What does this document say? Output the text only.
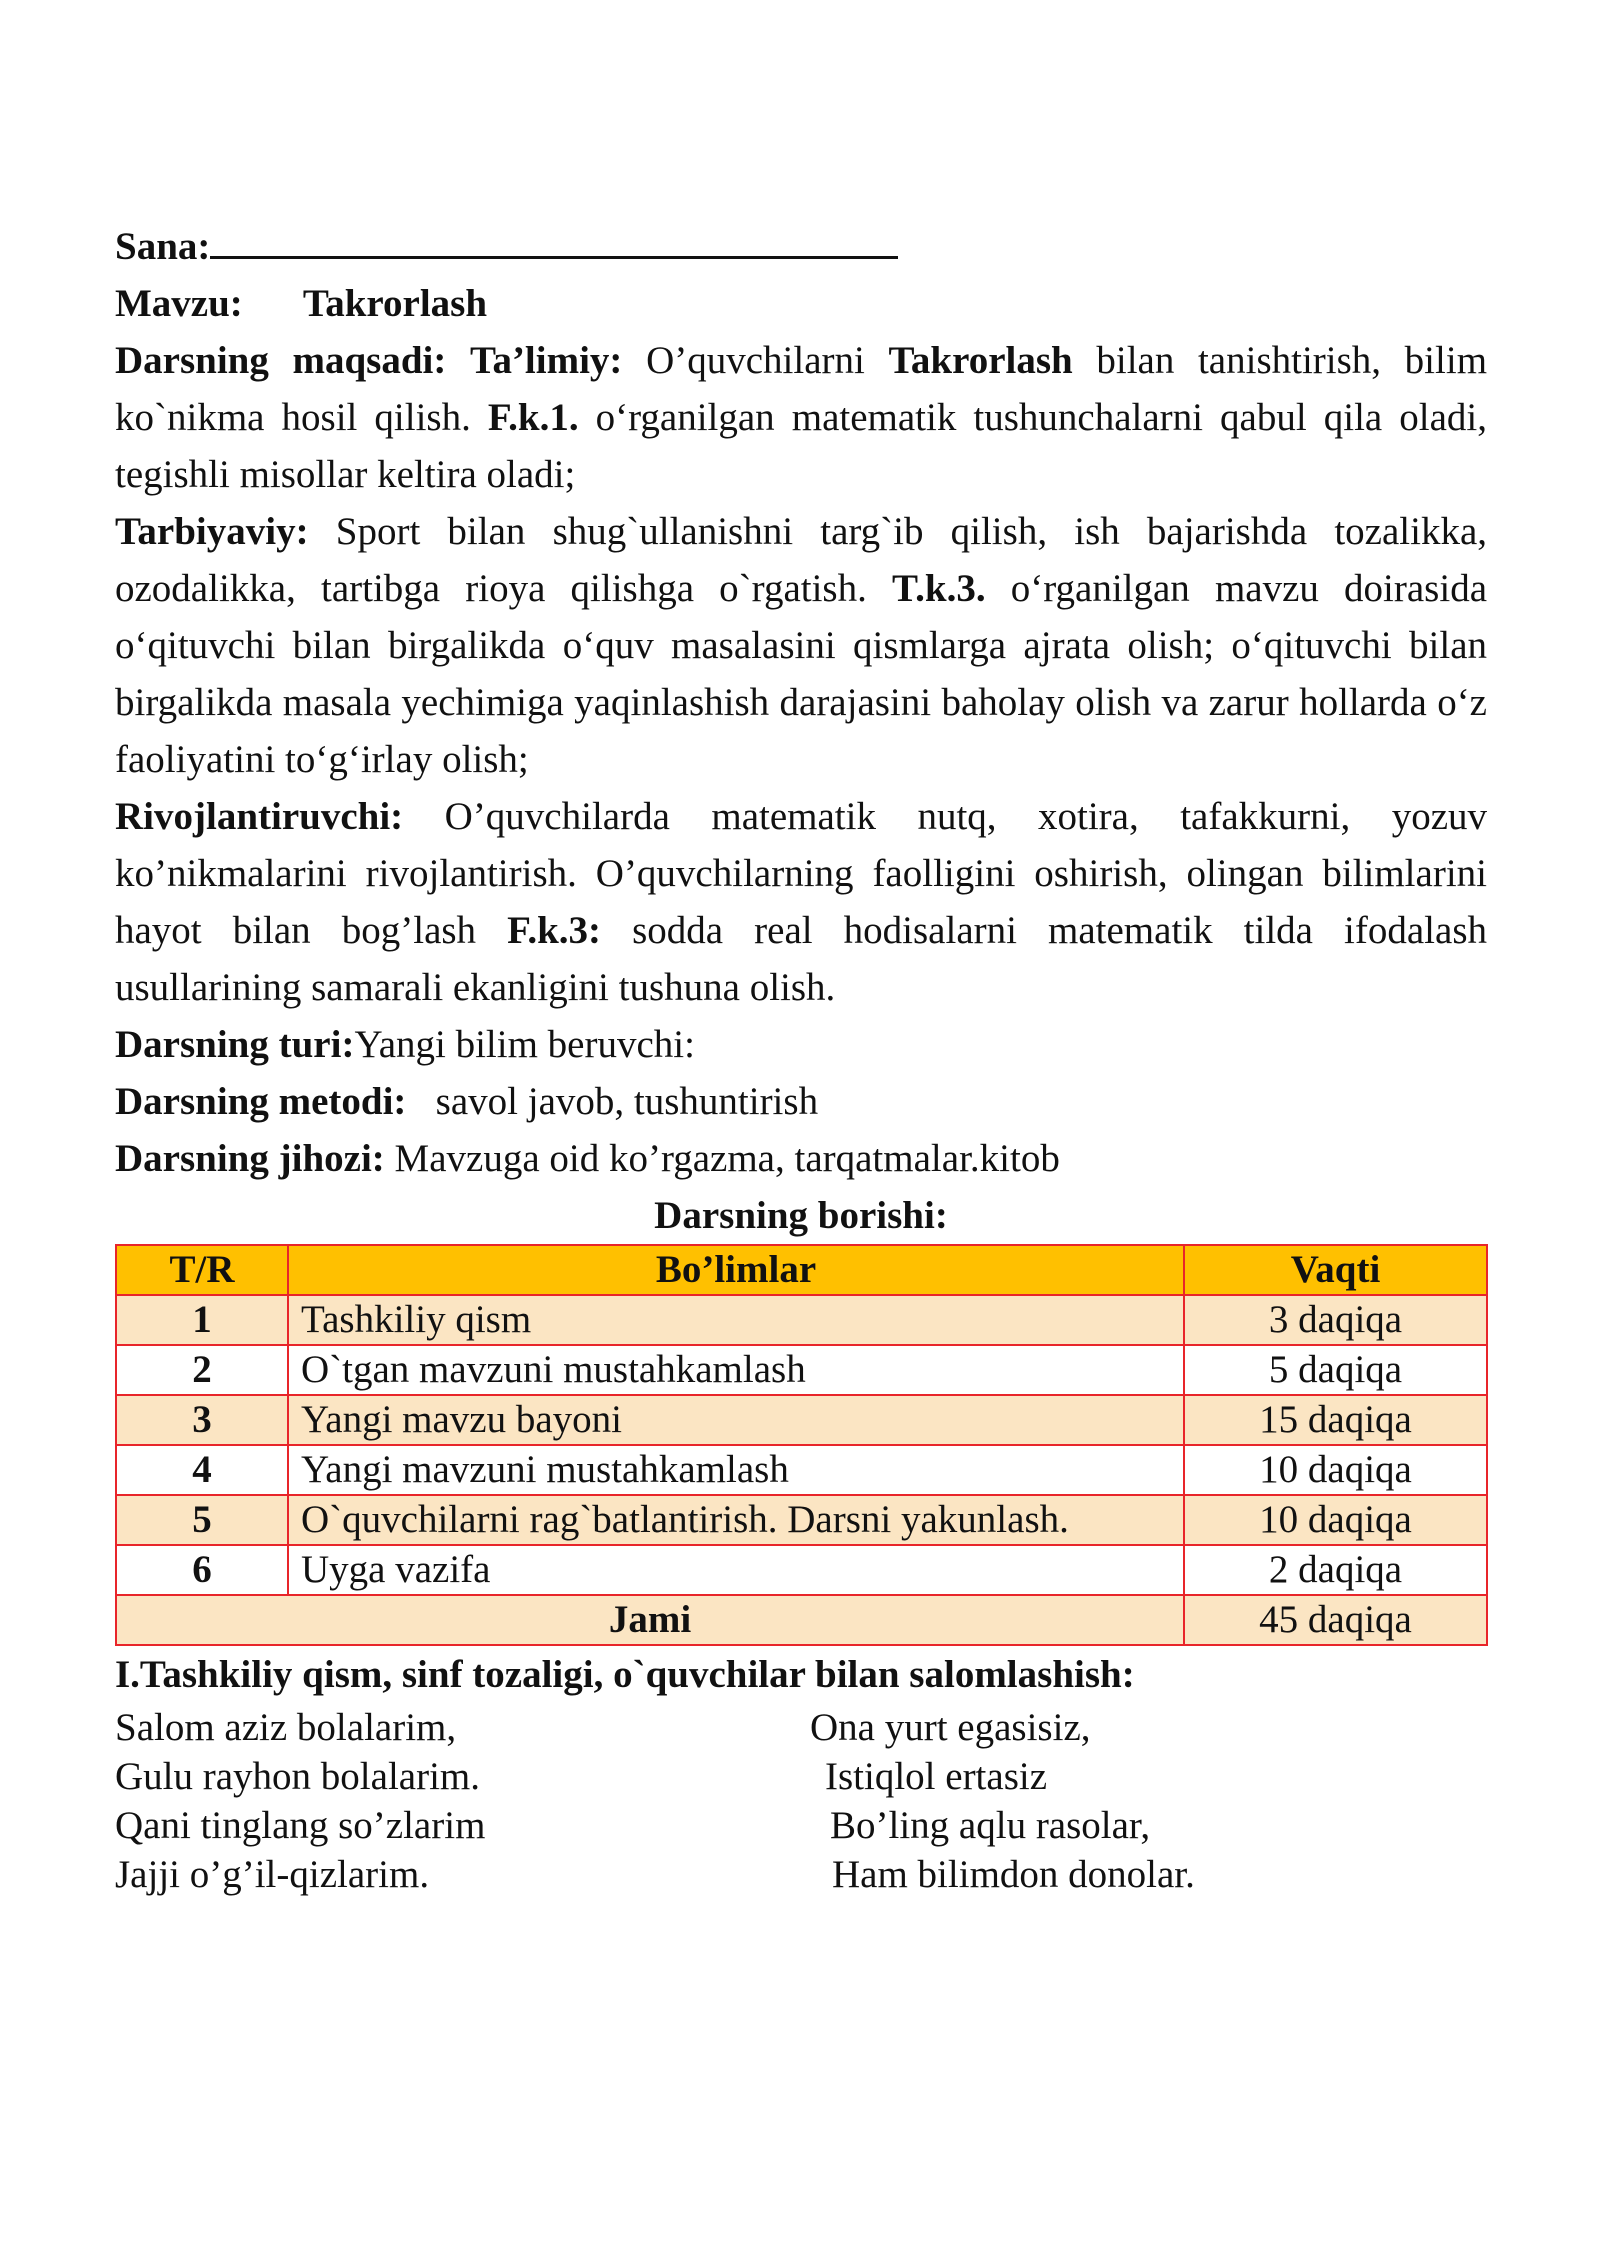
Sana:
Mavzu: Takrorlash
Darsning maqsadi: Ta’limiy: O’quvchilarni Takrorlash bilan tanishtirish, bilim ko`nikma hosil qilish. F.k.1. o‘rganilgan matematik tushunchalarni qabul qila oladi, tegishli misollar keltira oladi;
Tarbiyaviy: Sport bilan shug`ullanishni targ`ib qilish, ish bajarishda tozalikka, ozodalikka, tartibga rioya qilishga o`rgatish. T.k.3. o‘rganilgan mavzu doirasida o‘qituvchi bilan birgalikda o‘quv masalasini qismlarga ajrata olish; o‘qituvchi bilan birgalikda masala yechimiga yaqinlashish darajasini baholay olish va zarur hollarda o‘z faoliyatini to‘g‘irlay olish;
Rivojlantiruvchi: O’quvchilarda matematik nutq, xotira, tafakkurni, yozuv ko’nikmalarini rivojlantirish. O’quvchilarning faolligini oshirish, olingan bilimlarini hayot bilan bog’lash F.k.3: sodda real hodisalarni matematik tilda ifodalash usullarining samarali ekanligini tushuna olish.
Darsning turi:Yangi bilim beruvchi:
Darsning metodi: savol javob, tushuntirish
Darsning jihozi: Mavzuga oid ko’rgazma, tarqatmalar.kitob
Darsning borishi:
T/R	Bo’limlar	Vaqti
1	Tashkiliy qism	3 daqiqa
2	O`tgan mavzuni mustahkamlash	5 daqiqa
3	Yangi mavzu bayoni	15 daqiqa
4	Yangi mavzuni mustahkamlash	10 daqiqa
5	O`quvchilarni rag`batlantirish. Darsni yakunlash.	10 daqiqa
6	Uyga vazifa	2 daqiqa
Jami		45 daqiqa
I.Tashkiliy qism, sinf tozaligi, o`quvchilar bilan salomlashish:
Salom aziz bolalarim,
Gulu rayhon bolalarim.
Qani tinglang so’zlarim
Jajji o’g’il-qizlarim.
Ona yurt egasisiz,
Istiqlol ertasiz
Bo’ling aqlu rasolar,
Ham bilimdon donolar.
